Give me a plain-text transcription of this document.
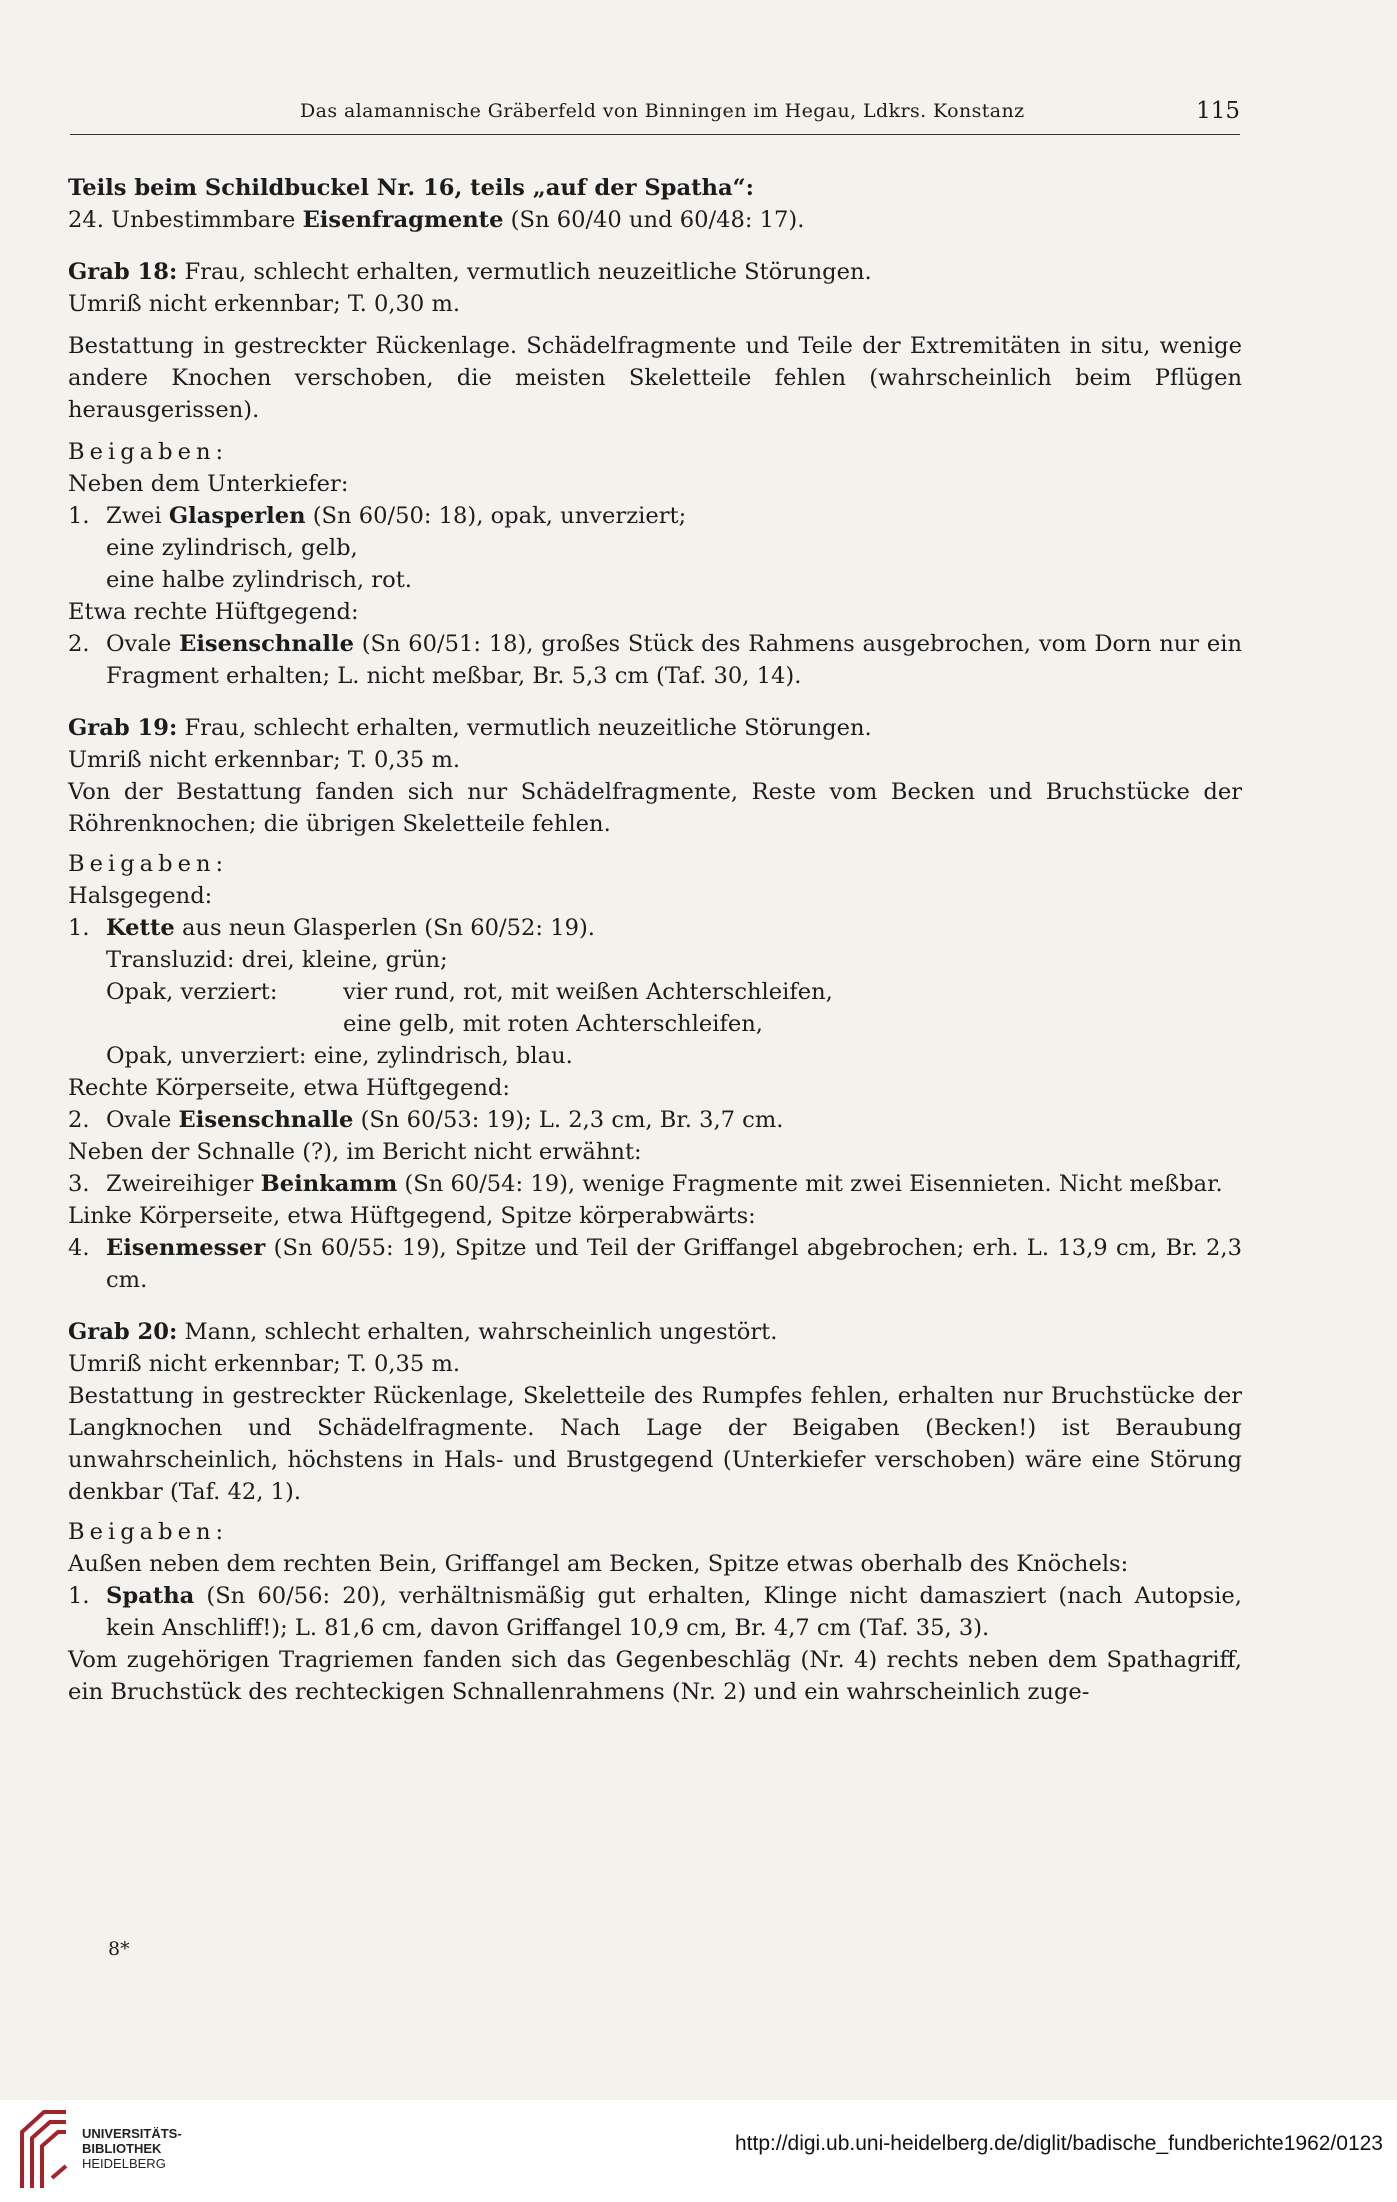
Das alamannische Gräberfeld von Binningen im Hegau, Ldkrs. Konstanz	115

Teils beim Schildbuckel Nr. 16, teils „auf der Spatha“:

24. Unbestimmbare Eisenfragmente (Sn 60/40 und 60/48: 17).

Grab 18: Frau, schlecht erhalten, vermutlich neuzeitliche Störungen.

Umriß nicht erkennbar; T. 0,30 m.

Bestattung in gestreckter Rückenlage. Schädelfragmente und Teile der Extremitäten in situ, wenige andere Knochen verschoben, die meisten Skeletteile fehlen (wahrscheinlich beim Pflügen herausgerissen).

Beigaben:

Neben dem Unterkiefer:

1. Zwei Glasperlen (Sn 60/50: 18), opak, unverziert;

eine zylindrisch, gelb,

eine halbe zylindrisch, rot.

Etwa rechte Hüftgegend:

2. Ovale Eisenschnalle (Sn 60/51: 18), großes Stück des Rahmens ausgebrochen, vom Dorn nur ein Fragment erhalten; L. nicht meßbar, Br. 5,3 cm (Taf. 30, 14).

Grab 19: Frau, schlecht erhalten, vermutlich neuzeitliche Störungen.

Umriß nicht erkennbar; T. 0,35 m.

Von der Bestattung fanden sich nur Schädelfragmente, Reste vom Becken und Bruchstücke der Röhrenknochen; die übrigen Skeletteile fehlen.

Beigaben:

Halsgegend:

1. Kette aus neun Glasperlen (Sn 60/52: 19).

Transluzid: drei, kleine, grün;

Opak, verziert:	vier rund, rot, mit weißen Achterschleifen,
eine gelb, mit roten Achterschleifen,

Opak, unverziert: eine, zylindrisch, blau.

Rechte Körperseite, etwa Hüftgegend:

2. Ovale Eisenschnalle (Sn 60/53: 19); L. 2,3 cm, Br. 3,7 cm.

Neben der Schnalle (?), im Bericht nicht erwähnt:

3. Zweireihiger Beinkamm (Sn 60/54: 19), wenige Fragmente mit zwei Eisennieten. Nicht meßbar.

Linke Körperseite, etwa Hüftgegend, Spitze körperabwärts:

4. Eisenmesser (Sn 60/55: 19), Spitze und Teil der Griffangel abgebrochen; erh. L. 13,9 cm, Br. 2,3 cm.

Grab 20: Mann, schlecht erhalten, wahrscheinlich ungestört.

Umriß nicht erkennbar; T. 0,35 m.

Bestattung in gestreckter Rückenlage, Skeletteile des Rumpfes fehlen, erhalten nur Bruchstücke der Langknochen und Schädelfragmente. Nach Lage der Beigaben (Becken!) ist Beraubung unwahrscheinlich, höchstens in Hals- und Brustgegend (Unterkiefer verschoben) wäre eine Störung denkbar (Taf. 42, 1).

Beigaben:

Außen neben dem rechten Bein, Griffangel am Becken, Spitze etwas oberhalb des Knöchels:

1. Spatha (Sn 60/56: 20), verhältnismäßig gut erhalten, Klinge nicht damasziert (nach Autopsie, kein Anschliff!); L. 81,6 cm, davon Griffangel 10,9 cm, Br. 4,7 cm (Taf. 35, 3).

Vom zugehörigen Tragriemen fanden sich das Gegenbeschläg (Nr. 4) rechts neben dem Spathagriff, ein Bruchstück des rechteckigen Schnallenrahmens (Nr. 2) und ein wahrscheinlich zuge-

8*
UNIVERSITÄTS-
BIBLIOTHEK
HEIDELBERG
http://digi.ub.uni-heidelberg.de/diglit/badische_fundberichte1962/0123
